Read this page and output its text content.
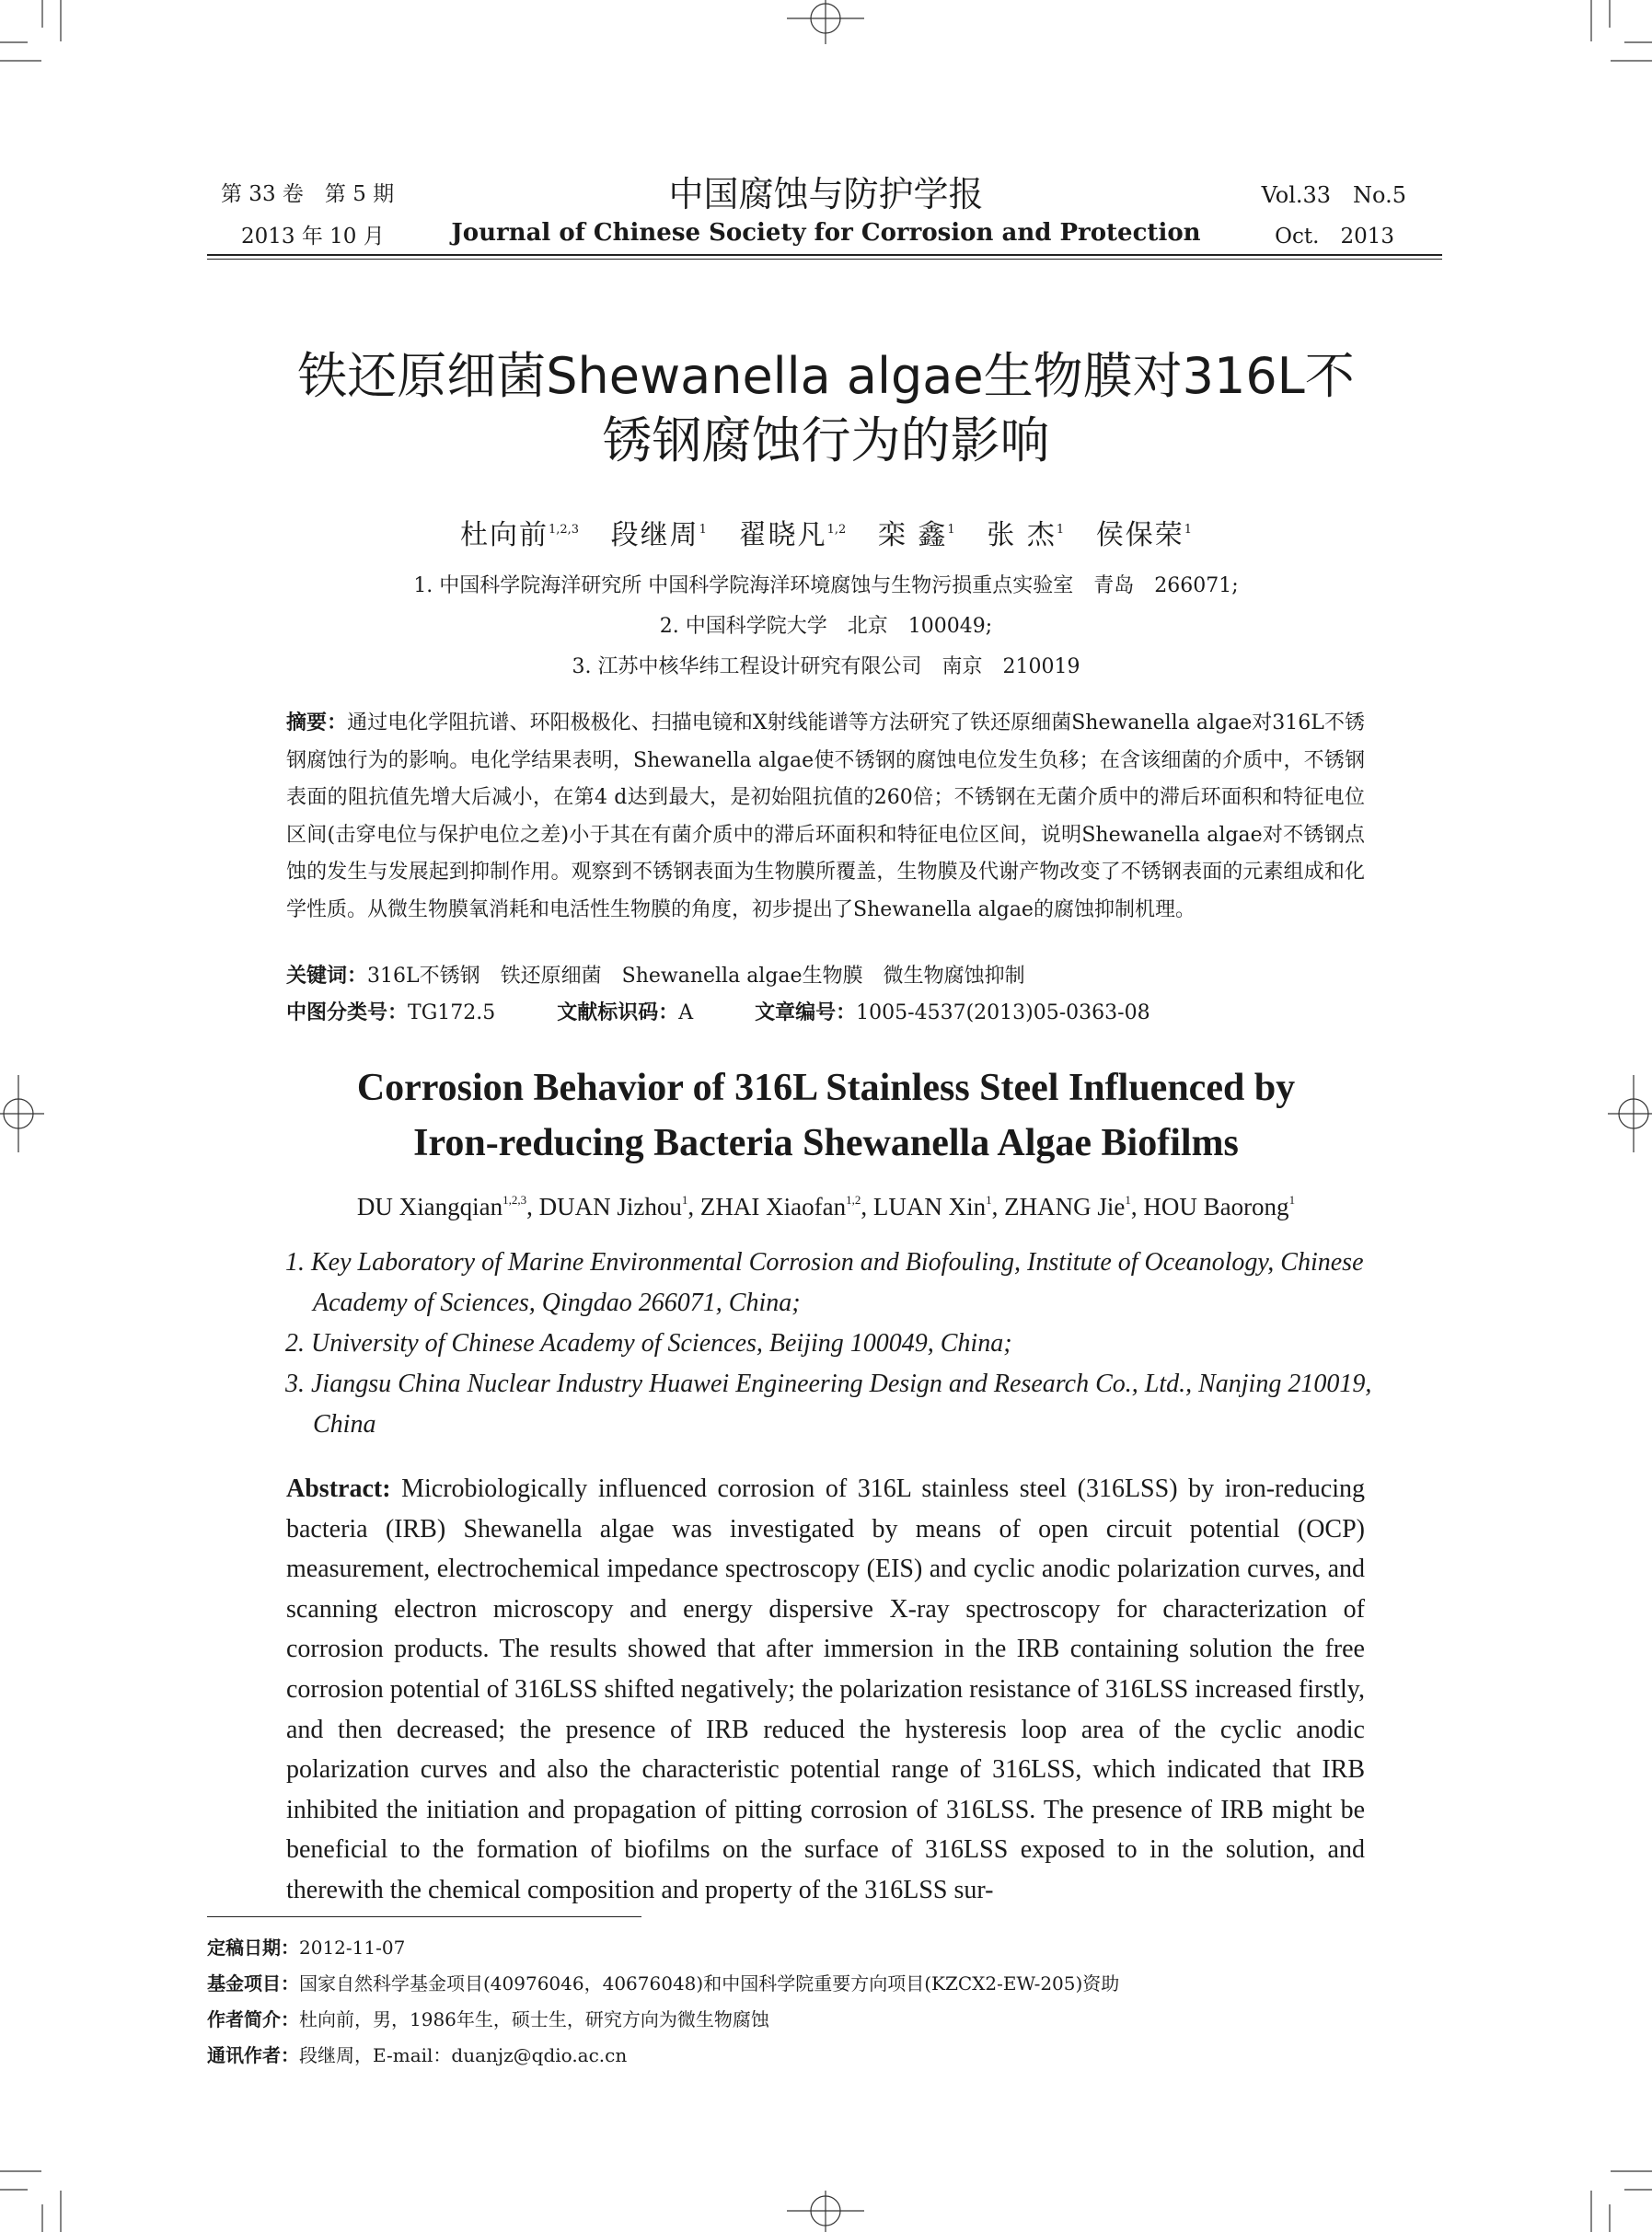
第 33 卷　第 5 期
2013 年 10 月
中国腐蚀与防护学报
Journal of Chinese Society for Corrosion and Protection
Vol.33　No.5
Oct.　2013
铁还原细菌Shewanella algae生物膜对316L不
锈钢腐蚀行为的影响
杜向前$^{1,2,3}$ 段继周$^1$ 翟晓凡$^{1,2}$ 栾 鑫$^1$ 张 杰$^1$ 侯保荣$^1$
1. 中国科学院海洋研究所 中国科学院海洋环境腐蚀与生物污损重点实验室　青岛　266071;
2. 中国科学院大学　北京　100049;
3. 江苏中核华纬工程设计研究有限公司　南京　210019
摘要：通过电化学阻抗谱、环阳极极化、扫描电镜和X射线能谱等方法研究了铁还原细菌Shewanella algae对316L不锈钢腐蚀行为的影响。电化学结果表明，Shewanella algae使不锈钢的腐蚀电位发生负移；在含该细菌的介质中，不锈钢表面的阻抗值先增大后减小，在第4 d达到最大，是初始阻抗值的260倍；不锈钢在无菌介质中的滞后环面积和特征电位区间(击穿电位与保护电位之差)小于其在有菌介质中的滞后环面积和特征电位区间，说明Shewanella algae对不锈钢点蚀的发生与发展起到抑制作用。观察到不锈钢表面为生物膜所覆盖，生物膜及代谢产物改变了不锈钢表面的元素组成和化学性质。从微生物膜氧消耗和电活性生物膜的角度，初步提出了Shewanella algae的腐蚀抑制机理。
关键词：316L不锈钢　铁还原细菌　Shewanella algae生物膜　微生物腐蚀抑制
中图分类号：TG172.5	文献标识码：A	文章编号：1005-4537(2013)05-0363-08
Corrosion Behavior of 316L Stainless Steel Influenced by
Iron-reducing Bacteria Shewanella Algae Biofilms
DU Xiangqian$^{1,2,3}$, DUAN Jizhou$^1$, ZHAI Xiaofan$^{1,2}$, LUAN Xin$^1$, ZHANG Jie$^1$, HOU Baorong$^1$
1. Key Laboratory of Marine Environmental Corrosion and Biofouling, Institute of Oceanology, Chinese Academy of Sciences, Qingdao 266071, China;
2. University of Chinese Academy of Sciences, Beijing 100049, China;
3. Jiangsu China Nuclear Industry Huawei Engineering Design and Research Co., Ltd., Nanjing 210019, China
Abstract: Microbiologically influenced corrosion of 316L stainless steel (316LSS) by iron-reducing bacteria (IRB) Shewanella algae was investigated by means of open circuit potential (OCP) measurement, electrochemical impedance spectroscopy (EIS) and cyclic anodic polarization curves, and scanning electron microscopy and energy dispersive X-ray spectroscopy for characterization of corrosion products. The results showed that after immersion in the IRB containing solution the free corrosion potential of 316LSS shifted negatively; the polarization resistance of 316LSS increased firstly, and then decreased; the presence of IRB reduced the hysteresis loop area of the cyclic anodic polarization curves and also the characteristic potential range of 316LSS, which indicated that IRB inhibited the initiation and propagation of pitting corrosion of 316LSS. The presence of IRB might be beneficial to the formation of biofilms on the surface of 316LSS exposed to in the solution, and therewith the chemical composition and property of the 316LSS sur-
定稿日期：2012-11-07
基金项目：国家自然科学基金项目(40976046，40676048)和中国科学院重要方向项目(KZCX2-EW-205)资助
作者简介：杜向前，男，1986年生，硕士生，研究方向为微生物腐蚀
通讯作者：段继周，E-mail：duanjz@qdio.ac.cn
